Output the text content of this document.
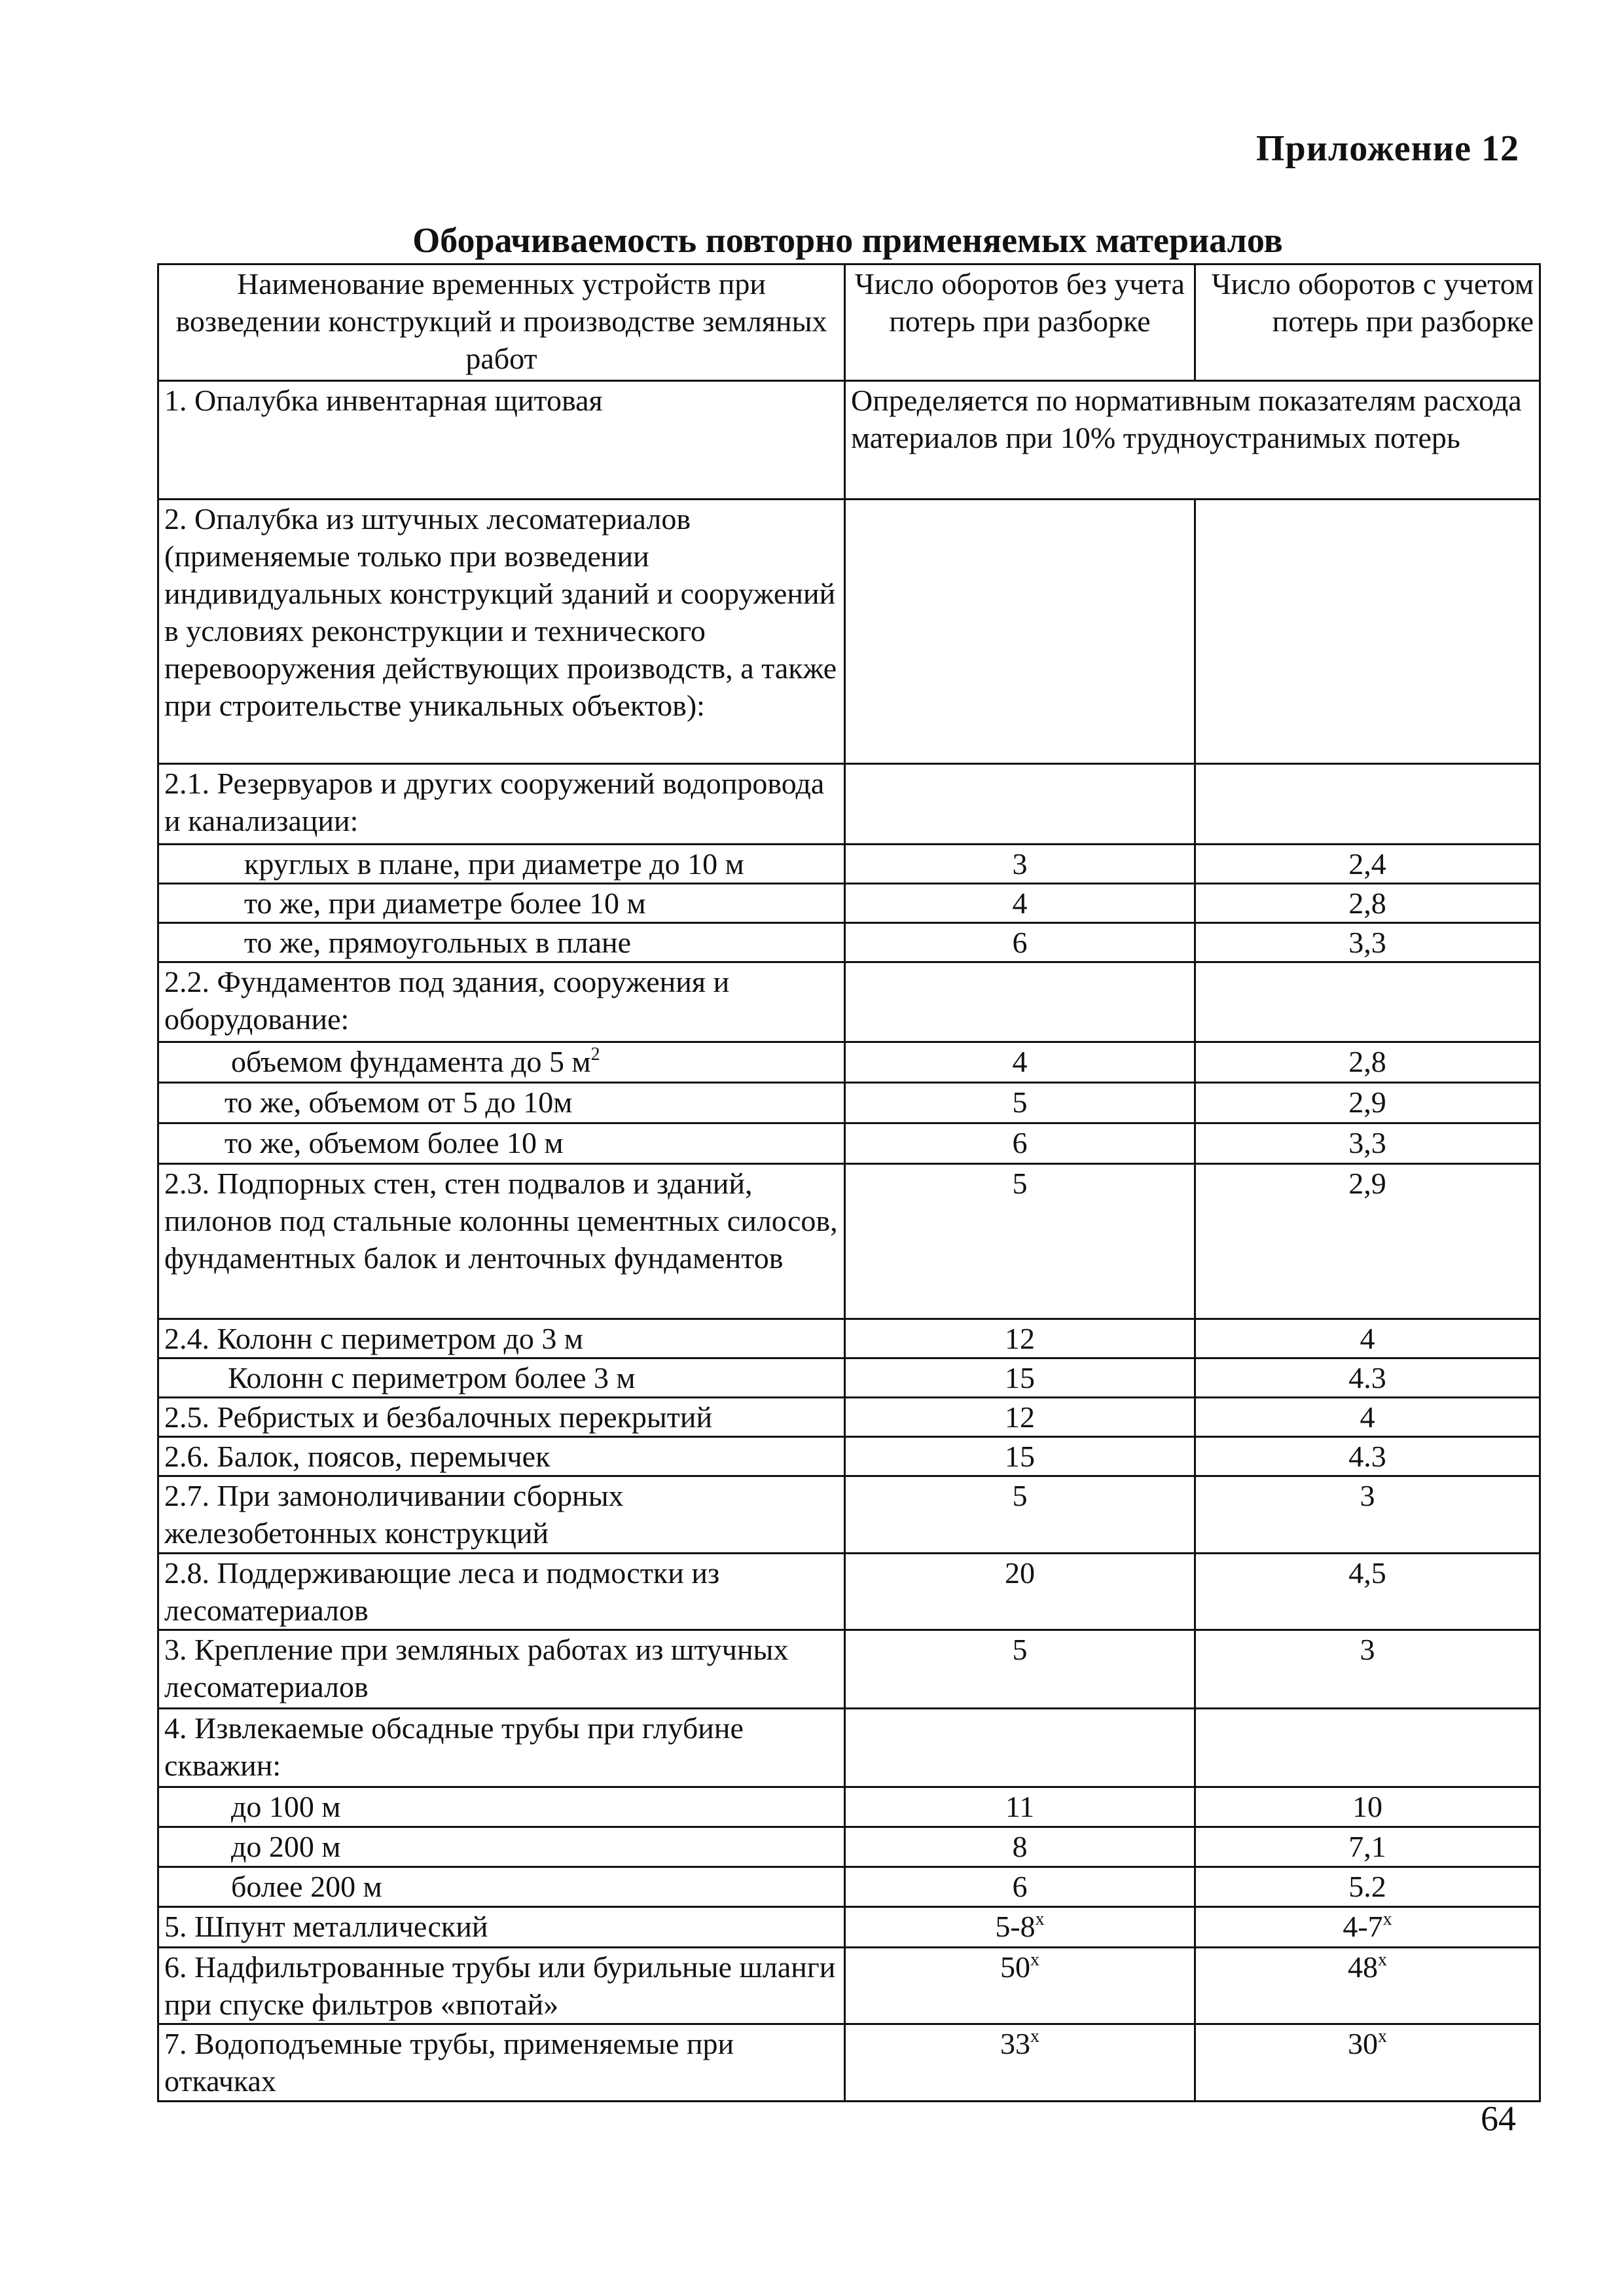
Приложение 12
Оборачиваемость повторно применяемых материалов
Наименование временных устройств при возведении конструкций и производстве земляных работ	Число оборотов без учета потерь при разборке	Число оборотов с учетом потерь при разборке
1. Опалубка инвентарная щитовая	Определяется по нормативным показателям расхода материалов при 10% трудноустранимых потерь	
2. Опалубка из штучных лесоматериалов (применяемые только при возведении индивидуальных конструкций зданий и сооружений в условиях реконструкции и технического перевооружения действующих производств, а также при строительстве уникальных объектов):		
2.1. Резервуаров и других сооружений водопровода и канализации:		
круглых в плане, при диаметре до 10 м	3	2,4
то же, при диаметре более 10 м	4	2,8
то же, прямоугольных в плане	6	3,3
2.2. Фундаментов под здания, сооружения и оборудование:		
объемом фундамента до 5 $м^2$	4	2,8
то же, объемом от 5 до 10м	5	2,9
то же, объемом более 10 м	6	3,3
2.3. Подпорных стен, стен подвалов и зданий, пилонов под стальные колонны цементных силосов, фундаментных балок и ленточных фундаментов	5	2,9
2.4. Колонн с периметром до 3 м	12	4
Колонн с периметром более 3 м	15	4.3
2.5. Ребристых и безбалочных перекрытий	12	4
2.6. Балок, поясов, перемычек	15	4.3
2.7. При замоноличивании сборных железобетонных конструкций	5	3
2.8. Поддерживающие леса и подмостки из лесоматериалов	20	4,5
3. Крепление при земляных работах из штучных лесоматериалов	5	3
4. Извлекаемые обсадные трубы при глубине скважин:		
до 100 м	11	10
до 200 м	8	7,1
более 200 м	6	5.2
5. Шпунт металлический	5-8$^x$	4-7$^x$
6. Надфильтрованные трубы или бурильные шланги при спуске фильтров «впотай»	50$^x$	48$^x$
7. Водоподъемные трубы, применяемые при откачках	33$^x$	30$^x$
64
